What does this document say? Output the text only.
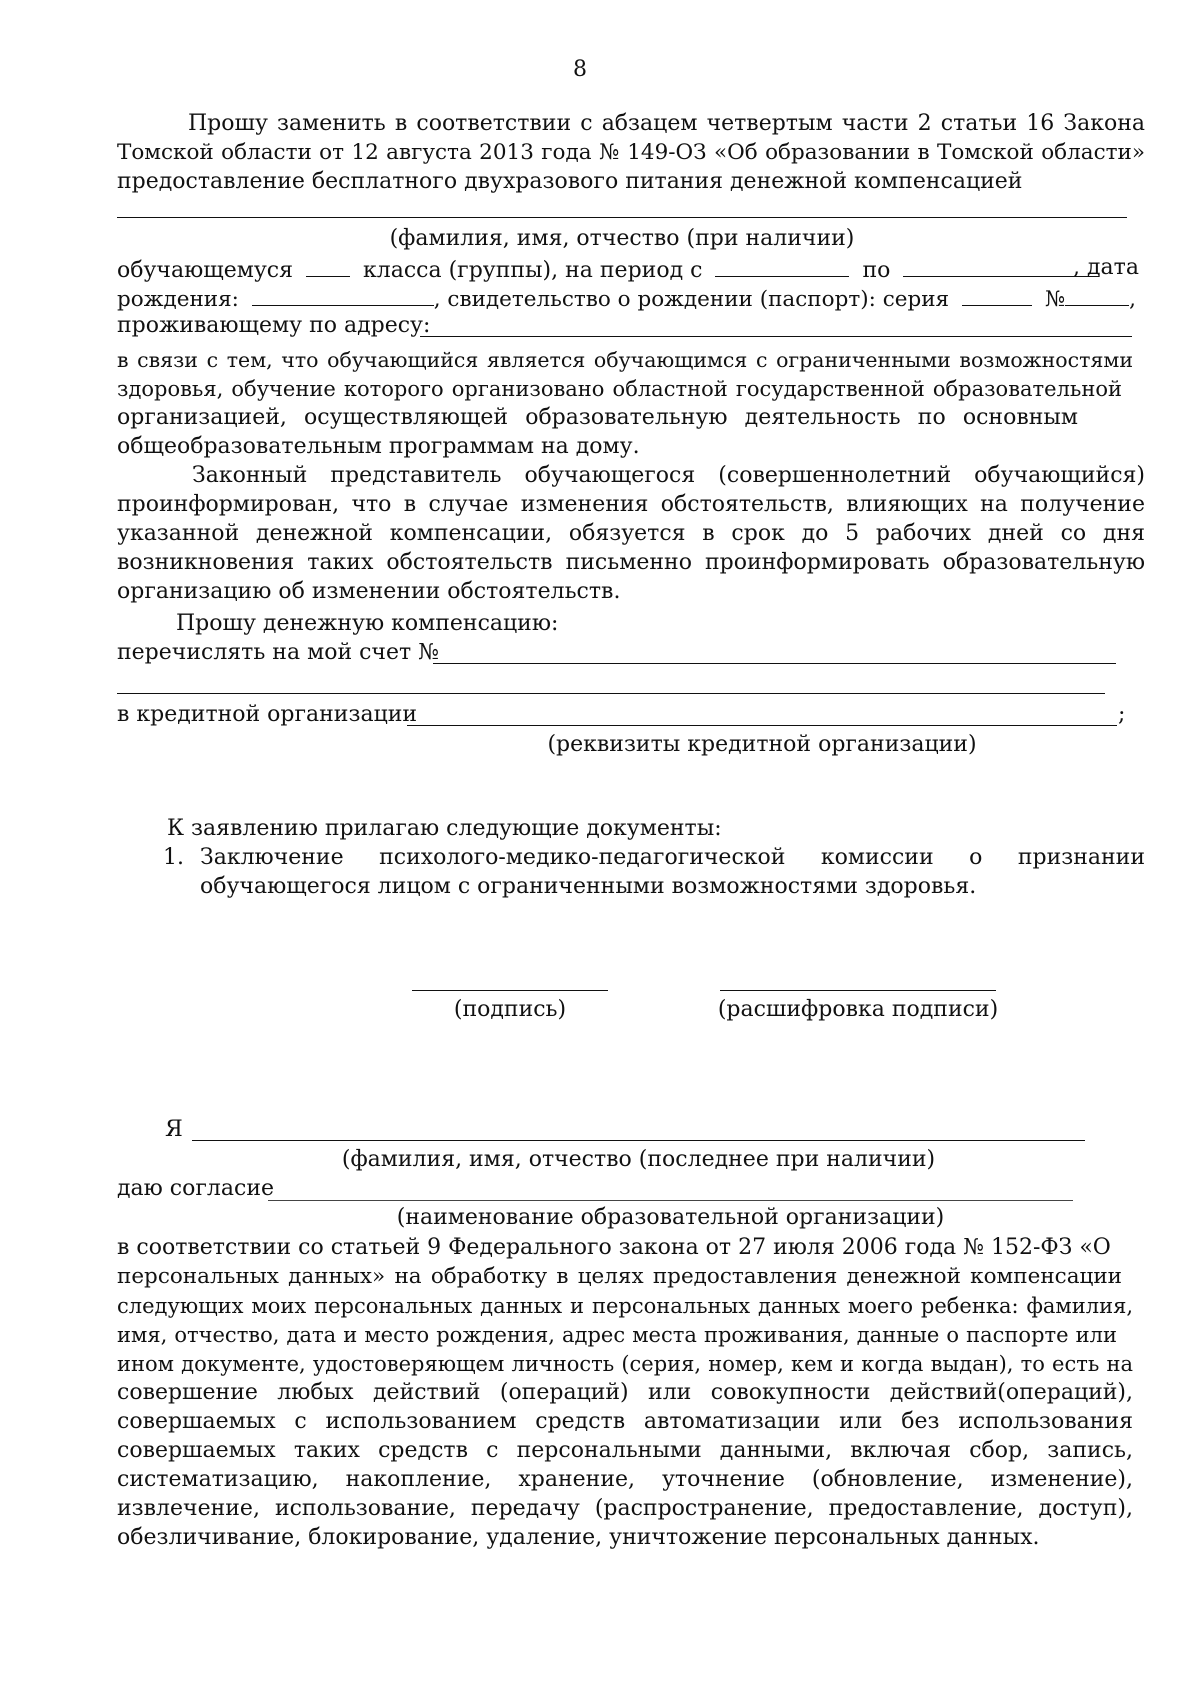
8
Прошу заменить в соответствии с абзацем четвертым части 2 статьи 16 Закона
Томской области от 12 августа 2013 года № 149-ОЗ «Об образовании в Томской области»
предоставление бесплатного двухразового питания денежной компенсацией
(фамилия, имя, отчество (при наличии)
обучающемуся	класса (группы), на период с	по	, дата
рождения:	, свидетельство о рождении (паспорт): серия	№	,
проживающему по адресу:
в связи с тем, что обучающийся является обучающимся с ограниченными возможностями
здоровья, обучение которого организовано областной государственной образовательной
организацией, осуществляющей образовательную деятельность по основным
общеобразовательным программам на дому.
Законный представитель обучающегося (совершеннолетний обучающийся)
проинформирован, что в случае изменения обстоятельств, влияющих на получение
указанной денежной компенсации, обязуется в срок до 5 рабочих дней со дня
возникновения таких обстоятельств письменно проинформировать образовательную
организацию об изменении обстоятельств.
Прошу денежную компенсацию:
перечислять на мой счет №
в кредитной организации	;
(реквизиты кредитной организации)
К заявлению прилагаю следующие документы:
1. Заключение психолого-медико-педагогической комиссии о признании
обучающегося лицом с ограниченными возможностями здоровья.
(подпись)	(расшифровка подписи)
Я
(фамилия, имя, отчество (последнее при наличии)
даю согласие
(наименование образовательной организации)
в соответствии со статьей 9 Федерального закона от 27 июля 2006 года № 152-ФЗ «О
персональных данных» на обработку в целях предоставления денежной компенсации
следующих моих персональных данных и персональных данных моего ребенка: фамилия,
имя, отчество, дата и место рождения, адрес места проживания, данные о паспорте или
ином документе, удостоверяющем личность (серия, номер, кем и когда выдан), то есть на
совершение любых действий (операций) или совокупности действий(операций),
совершаемых с использованием средств автоматизации или без использования
совершаемых таких средств с персональными данными, включая сбор, запись,
систематизацию, накопление, хранение, уточнение (обновление, изменение),
извлечение, использование, передачу (распространение, предоставление, доступ),
обезличивание, блокирование, удаление, уничтожение персональных данных.
